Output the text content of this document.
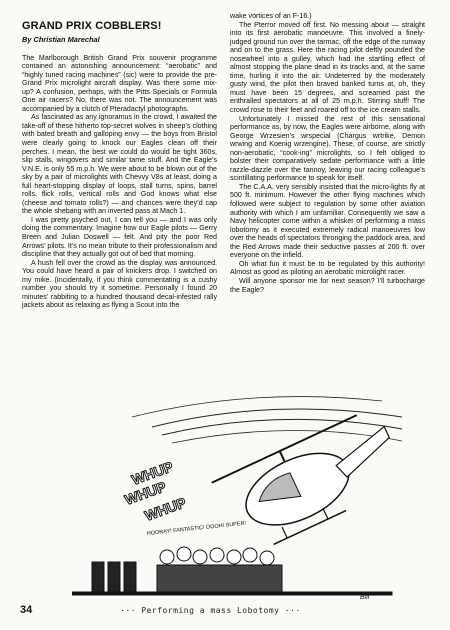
GRAND PRIX COBBLERS!
By Christian Marechal

The Marlborough British Grand Prix souvenir programme contained an astonishing announcement: “aerobatic” and “highly tuned racing machines” (sic) were to provide the pre-Grand Prix microlight aircraft display. Was there some mix-up? A confusion, perhaps, with the Pitts Specials or Formula One air racers? No, there was not. The announcement was accompanied by a clutch of Pteradactyl photographs.

As fascinated as any ignoramus in the crowd, I awaited the take-off of these hitherto top-secret wolves in sheep’s clothing with bated breath and galloping envy — the boys from Bristol were clearly going to knock our Eagles clean off their perches. I mean, the best we could do would be tight 360s, slip stalls, wingovers and similar tame stuff. And the Eagle’s V.N.E. is only 55 m.p.h. We were about to be blown out of the sky by a pair of microlights with Chevvy V8s at least, doing a full heart-stopping display of loops, stall turns, spins, barrel rolls, flick rolls, vertical rolls and God knows what else (cheese and tomato rolls?) — and chances were they’d cap the whole shebang with an inverted pass at Mach 1.

I was pretty psyched out, I can tell you — and I was only doing the commentary. Imagine how our Eagle pilots — Gerry Breen and Julian Doswell — felt. And pity the poor Red Arrows’ pilots. It’s no mean tribute to their professionalism and discipline that they actually got out of bed that morning.

A hush fell over the crowd as the display was announced. You could have heard a pair of knickers drop. I switched on my mike. (Incidentally, if you think commentating is a cushy number you should try it sometime. Personally I found 20 minutes’ rabbiting to a hundred thousand decal-infested rally jackets about as relaxing as flying a Scout into the

wake vortices of an F-16.)

The Pterror moved off first. No messing about — straight into its first aerobatic manoeuvre. This involved a finely-judged ground run over the tarmac, off the edge of the runway and on to the grass. Here the racing pilot deftly pounded the nosewheel into a gulley, which had the startling effect of almost stopping the plane dead in its tracks and, at the same time, hurling it into the air. Undeterred by the moderately gusty wind, the pilot then braved banked turns at, oh, they must have been 15 degrees, and screamed past the enthralled spectators at all of 25 m.p.h. Stirring stuff! The crowd rose to their feet and roared off to the ice cream stalls.

Unfortunately I missed the rest of this sensational performance as, by now, the Eagles were airborne, along with George Wrzesien’s wrspecial (Chargus wrtrike, Demon wrwing and Koenig wrzengine). These, of course, are strictly non-aerobatic, “cook-ing” microlights, so I felt obliged to bolster their comparatively sedate performance with a little razzle-dazzle over the tannoy, leaving our racing colleague’s scintillating performance to speak for itself.

The C.A.A. very sensibly insisted that the micro-lights fly at 500 ft. minimum. However the other flying machines which followed were subject to regulation by some other aviation authority with which I am unfamiliar. Consequently we saw a Navy helicopter come within a whisker of performing a mass lobotomy as it executed extremely radical manoeuvres low over the heads of spectators thronging the paddock area, and the Red Arrows made their seductive passes at 200 ft. over everyone on the infield.

Oh what fun it must be to be regulated by this authority! Almost as good as piloting an aerobatic microlight racer.

Will anyone sponsor me for next season? I’ll turbocharge the Eagle?

WHUP
WHUP
WHUP
HOORAY! FANTASTIC! OOOH! SUPER!
Bill
··· Performing a mass Lobotomy ···
34
